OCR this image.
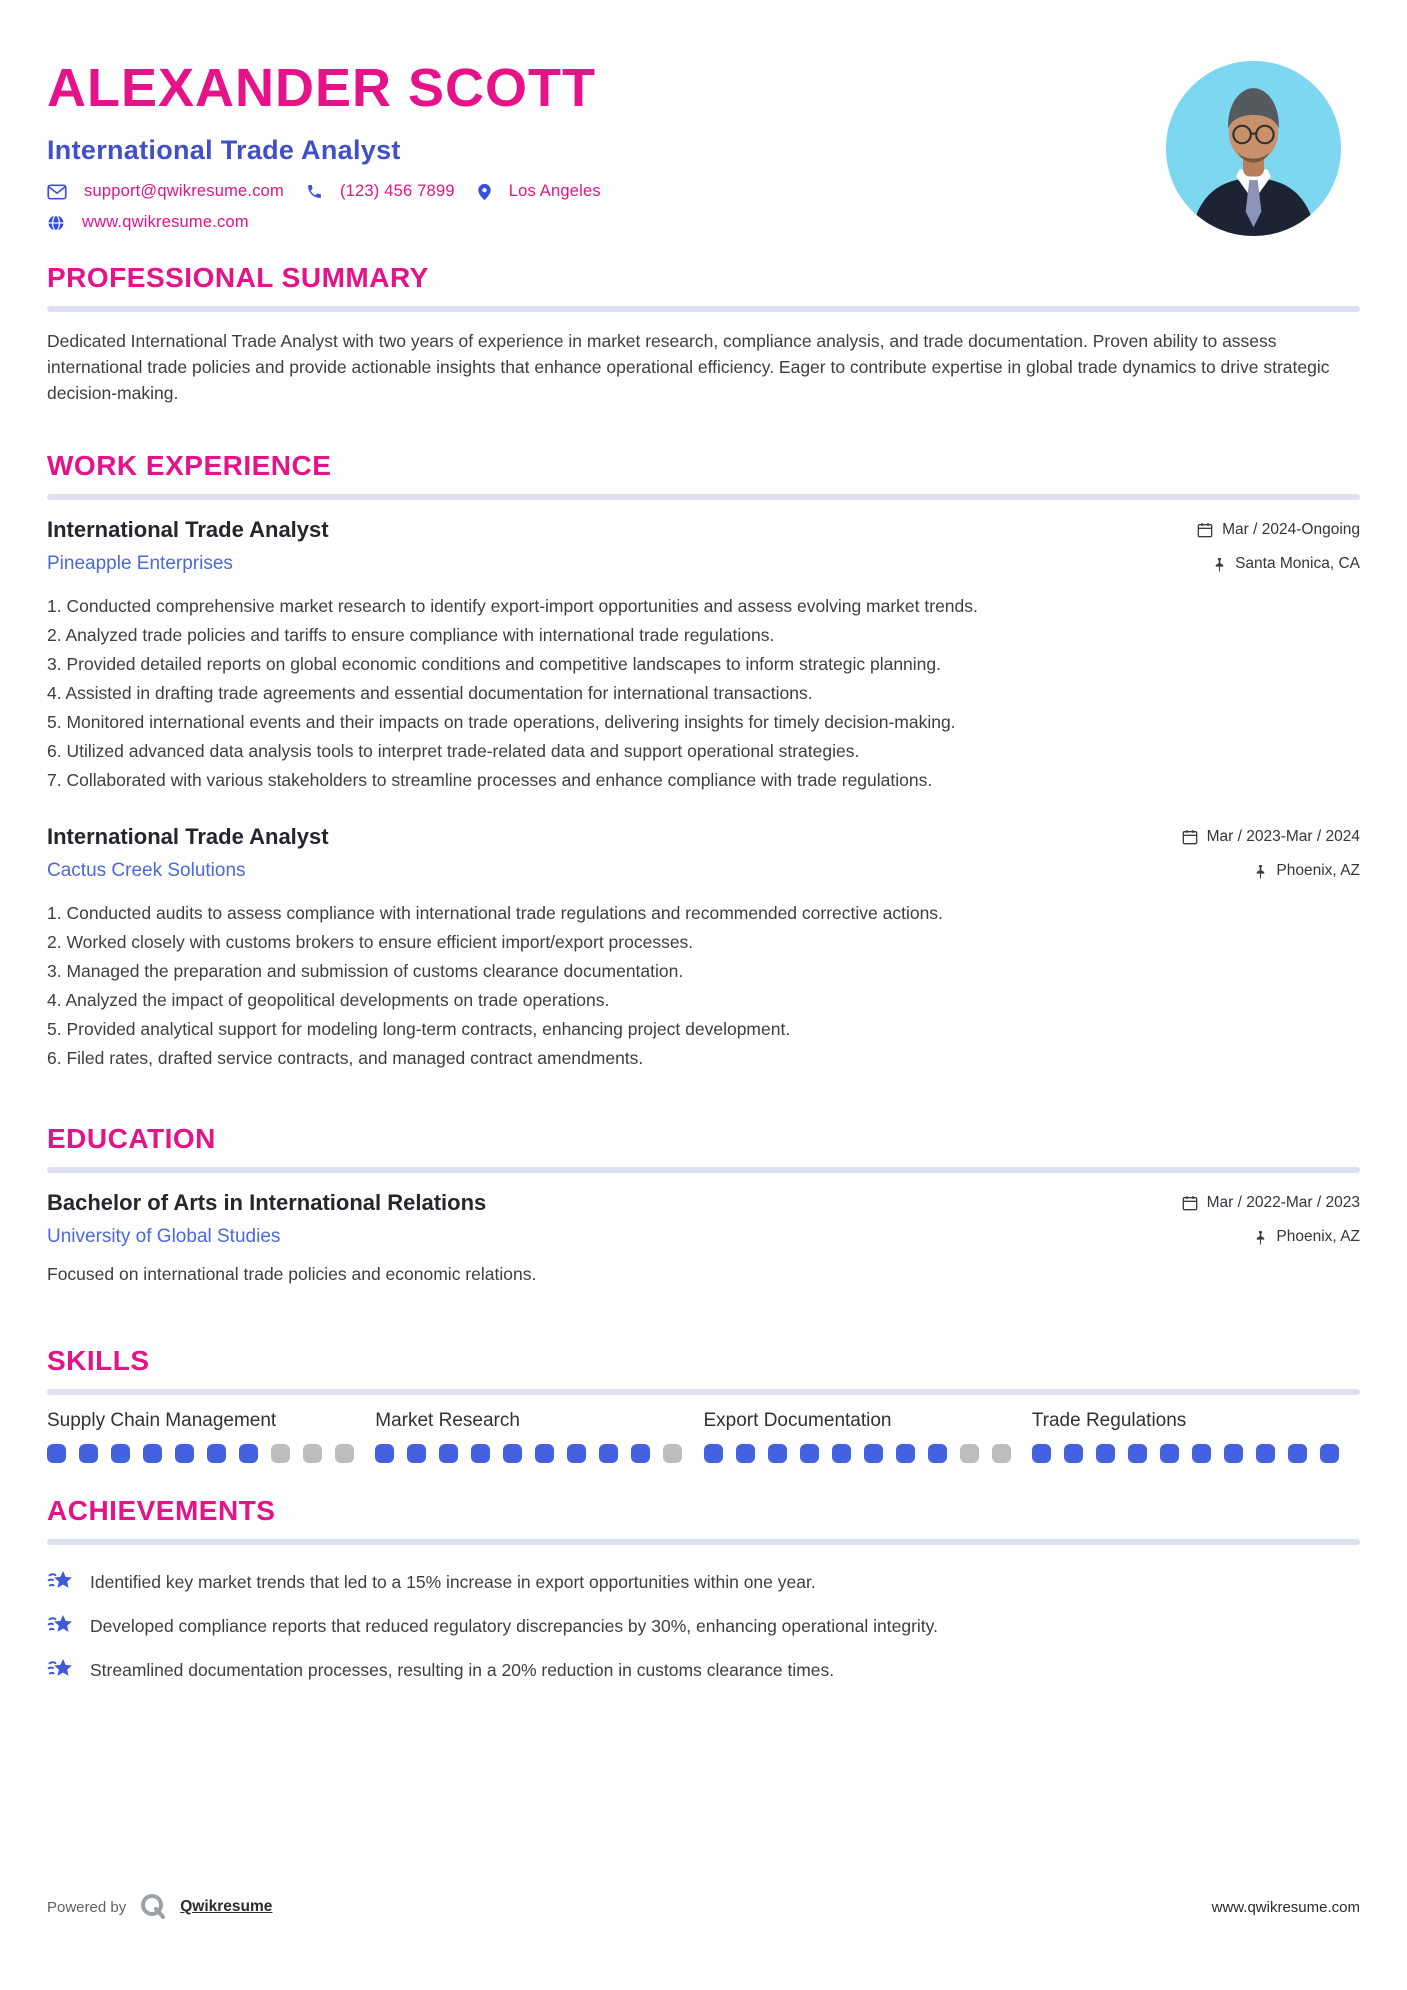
ALEXANDER SCOTT
International Trade Analyst
support@qwikresume.com	(123) 456 7899	Los Angeles
www.qwikresume.com
PROFESSIONAL SUMMARY

Dedicated International Trade Analyst with two years of experience in market research, compliance analysis, and trade documentation. Proven ability to assess international trade policies and provide actionable insights that enhance operational efficiency. Eager to contribute expertise in global trade dynamics to drive strategic decision-making.

WORK EXPERIENCE
International Trade Analyst	Mar / 2024-Ongoing
Pineapple Enterprises	Santa Monica, CA
Conducted comprehensive market research to identify export-import opportunities and assess evolving market trends.
Analyzed trade policies and tariffs to ensure compliance with international trade regulations.
Provided detailed reports on global economic conditions and competitive landscapes to inform strategic planning.
Assisted in drafting trade agreements and essential documentation for international transactions.
Monitored international events and their impacts on trade operations, delivering insights for timely decision-making.
Utilized advanced data analysis tools to interpret trade-related data and support operational strategies.
Collaborated with various stakeholders to streamline processes and enhance compliance with trade regulations.
International Trade Analyst	Mar / 2023-Mar / 2024
Cactus Creek Solutions	Phoenix, AZ
Conducted audits to assess compliance with international trade regulations and recommended corrective actions.
Worked closely with customs brokers to ensure efficient import/export processes.
Managed the preparation and submission of customs clearance documentation.
Analyzed the impact of geopolitical developments on trade operations.
Provided analytical support for modeling long-term contracts, enhancing project development.
Filed rates, drafted service contracts, and managed contract amendments.
EDUCATION
Bachelor of Arts in International Relations	Mar / 2022-Mar / 2023
University of Global Studies	Phoenix, AZ

Focused on international trade policies and economic relations.

SKILLS
Supply Chain Management	Market Research	Export Documentation	Trade Regulations
ACHIEVEMENTS
Identified key market trends that led to a 15% increase in export opportunities within one year.
Developed compliance reports that reduced regulatory discrepancies by 30%, enhancing operational integrity.
Streamlined documentation processes, resulting in a 20% reduction in customs clearance times.
Powered by	Qwikresume	www.qwikresume.com
